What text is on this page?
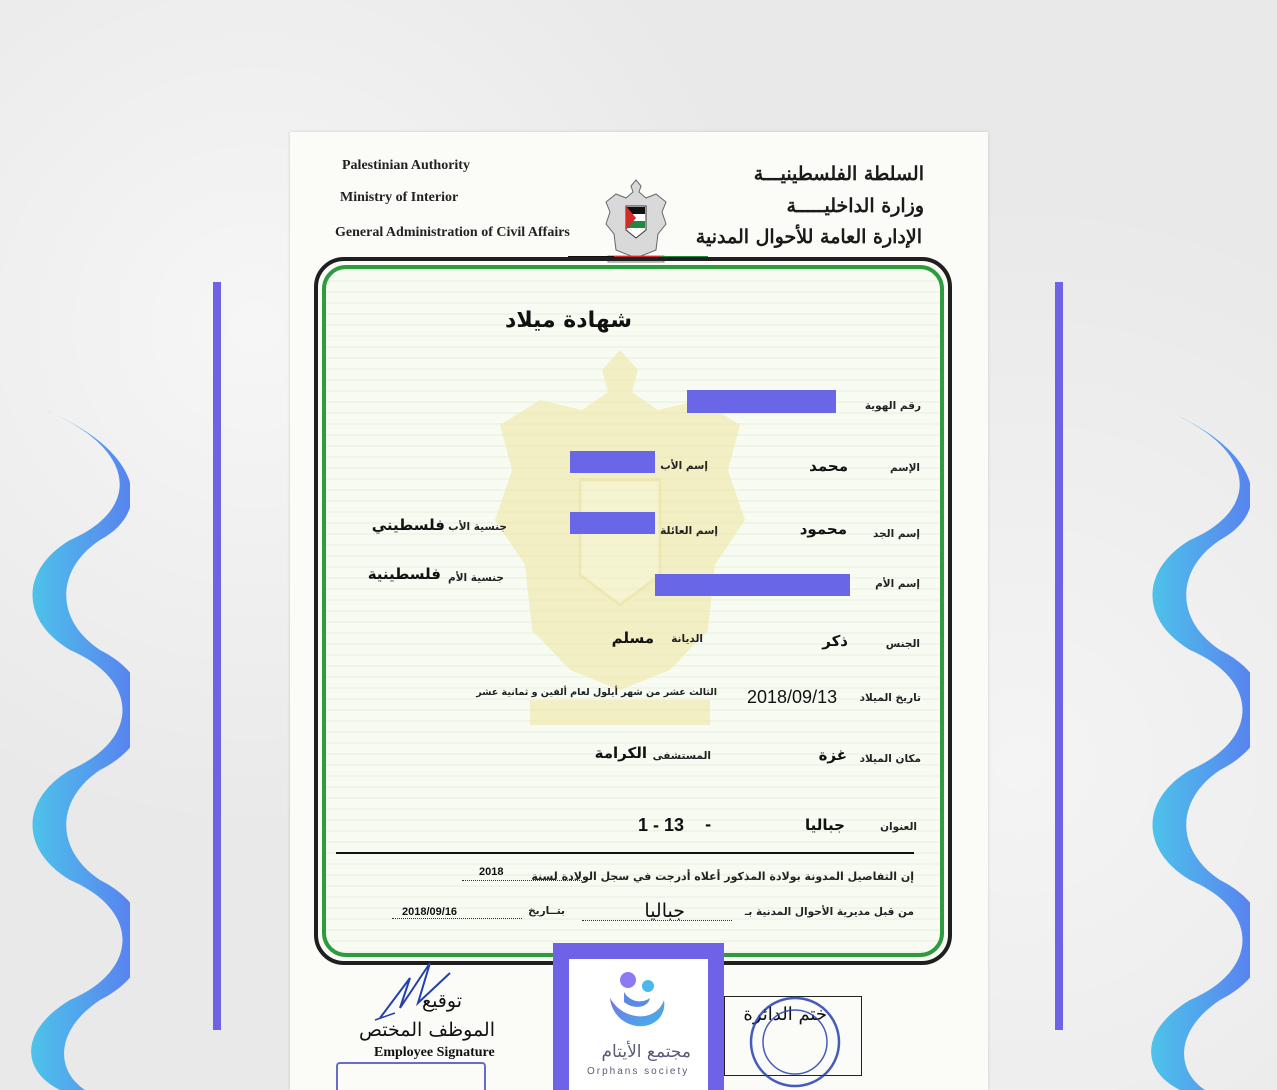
Palestinian Authority
Ministry of Interior
General Administration of Civil Affairs
السلطة الفلسطينيـــة
وزارة الداخليـــــة
الإدارة العامة للأحوال المدنية
شهادة ميلاد
رقم الهوية
الإسم
محمد
إسم الأب
إسم الجد
محمود
إسم العائلة
جنسية الأب
فلسطيني
إسم الأم
جنسية الأم
فلسطينية
الجنس
ذكر
الديانة
مسلم
تاريخ الميلاد
2018/09/13
الثالث عشر من شهر أيلول لعام ألفين و ثمانية عشر
مكان الميلاد
غزة
المستشفى
الكرامة
العنوان
جباليا
-
1 - 13
إن التفاصيل المدونة بولادة المذكور أعلاه أدرجت في سجل الولادة لسنة
2018
من قبل مديرية الأحوال المدنية بـ
جباليا
بتــاريخ
2018/09/16
توقيع
الموظف المختص
Employee Signature
ختم الدائرة
مجتمع الأيتام
Orphans society
